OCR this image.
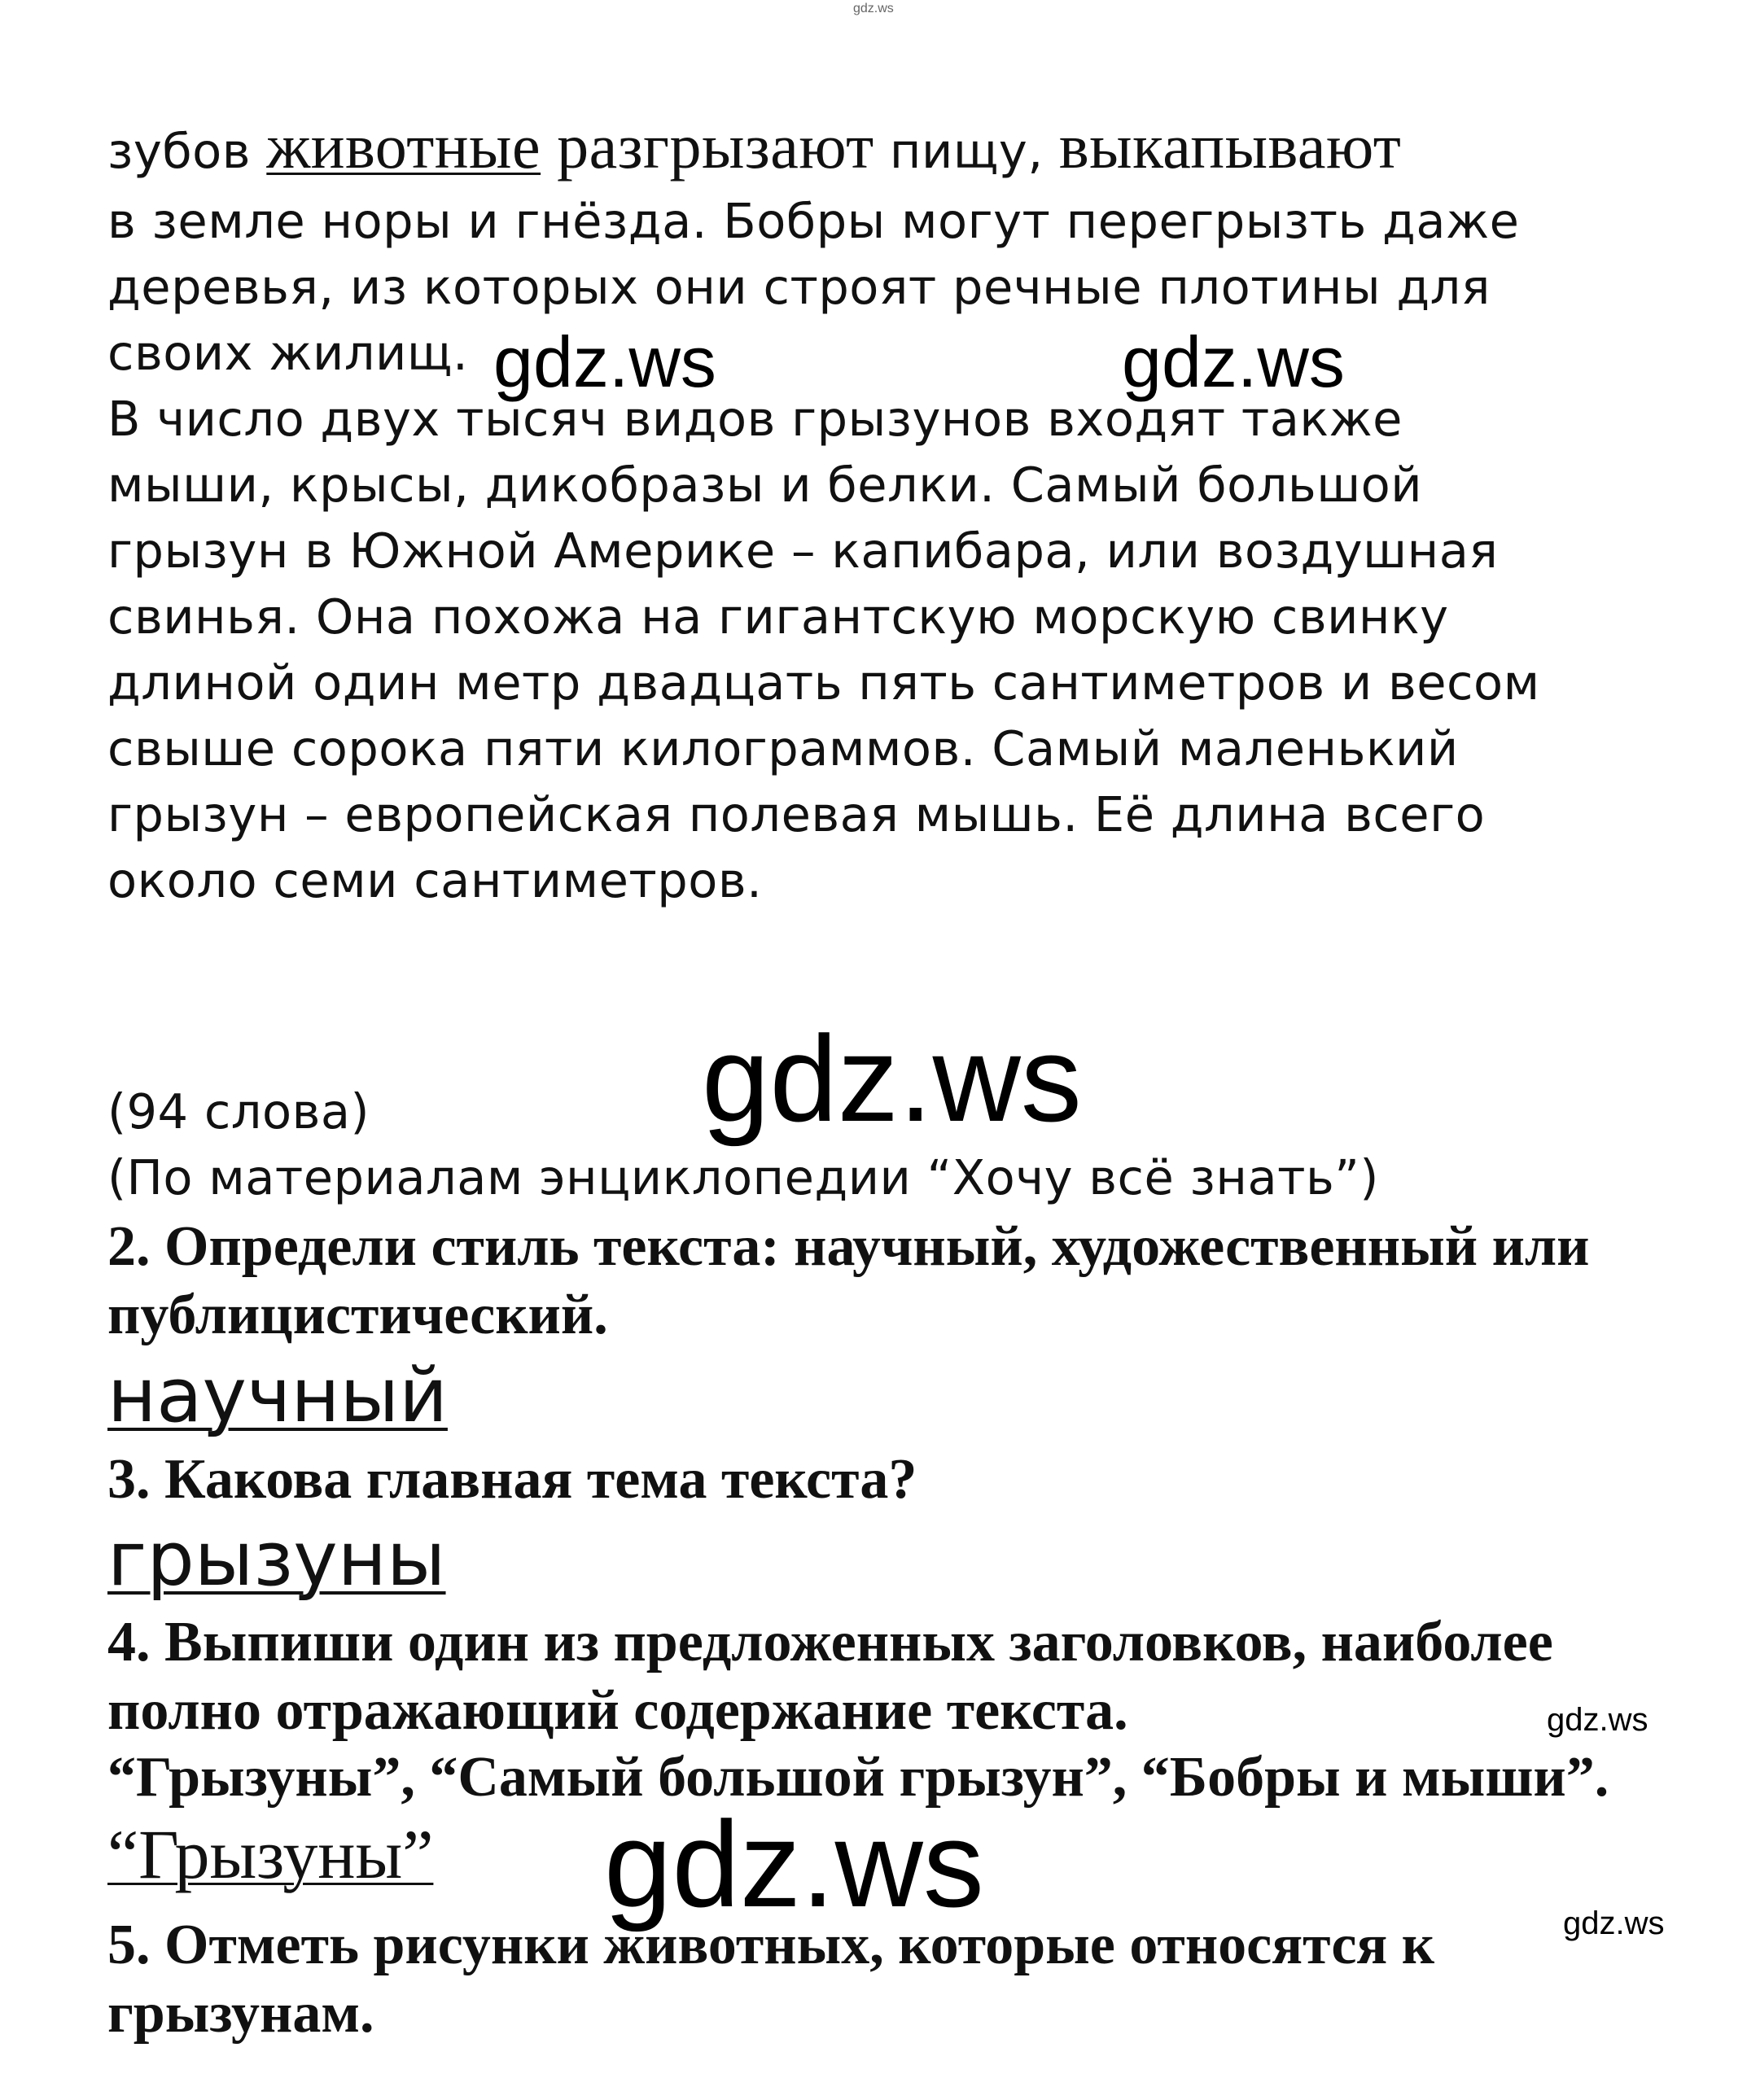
gdz.ws
зубов животные разгрызают пищу, выкапывают
в земле норы и гнёзда. Бобры могут перегрызть даже
деревья, из которых они строят речные плотины для
своих жилищ.
В число двух тысяч видов грызунов входят также
мыши, крысы, дикобразы и белки. Самый большой
грызун в Южной Америке – капибара, или воздушная
свинья. Она похожа на гигантскую морскую свинку
длиной один метр двадцать пять сантиметров и весом
свыше сорока пяти килограммов. Самый маленький
грызун – европейская полевая мышь. Её длина всего
около семи сантиметров.
gdz.ws	gdz.ws
gdz.ws
(94 слова)
(По материалам энциклопедии “Хочу всё знать”)
2. Определи стиль текста: научный, художественный или
публицистический.
научный
3. Какова главная тема текста?
грызуны
4. Выпиши один из предложенных заголовков, наиболее
полно отражающий содержание текста.
“Грызуны”, “Самый большой грызун”, “Бобры и мыши”.
“Грызуны”
5. Отметь рисунки животных, которые относятся к
грызунам.
gdz.ws
gdz.ws	gdz.ws
